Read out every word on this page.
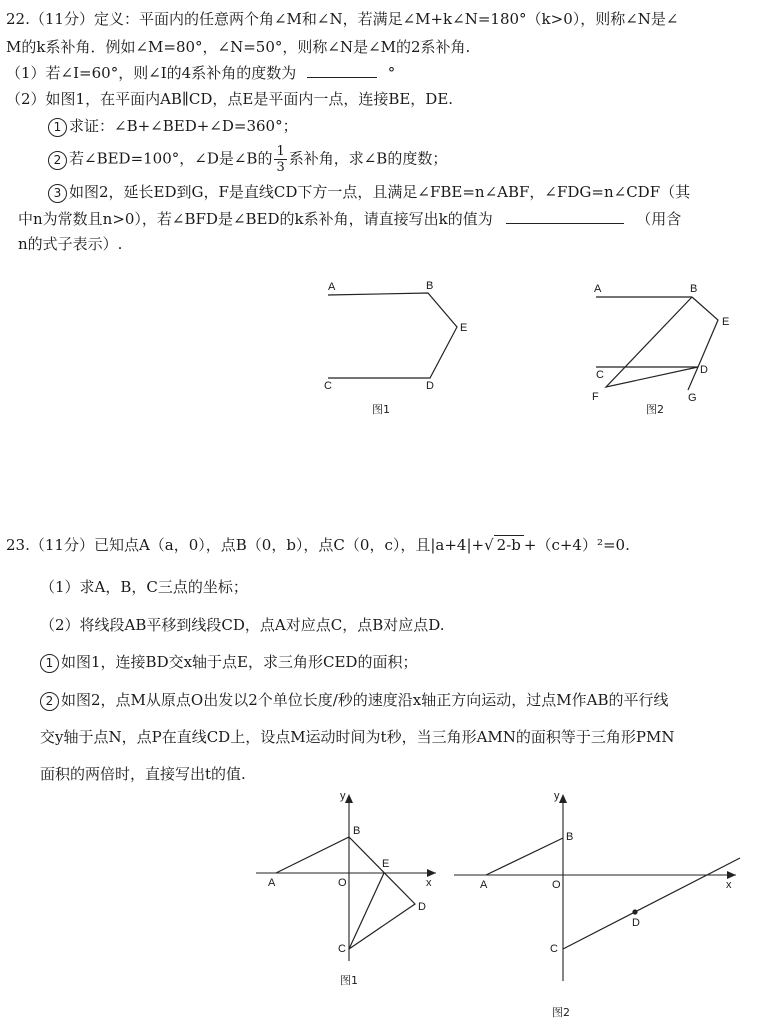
22.（11分）定义：平面内的任意两个角∠M和∠N，若满足∠M+k∠N=180°（k>0），则称∠N是∠
M的k系补角．例如∠M=80°，∠N=50°，则称∠N是∠M的2系补角.
（1）若∠I=60°，则∠I的4系补角的度数为	°
（2）如图1，在平面内AB∥CD，点E是平面内一点，连接BE，DE.
1 求证：∠B+∠BED+∠D=360°；
2 若∠BED=100°，∠D是∠B的 $\frac{1}{3}$ 系补角，求∠B的度数；
3 如图2，延长ED到G，F是直线CD下方一点，且满足∠FBE=n∠ABF，∠FDG=n∠CDF（其
中n为常数且n>0），若∠BFD是∠BED的k系补角，请直接写出k的值为	（用含
n的式子表示）.
A	B
E
C	D
图1
A	B
E
C	D
F	G
图2
23.（11分）已知点A（a，0），点B（0，b），点C（0，c），且|a+4|+√ 2-b +（c+4）²=0.
（1）求A，B，C三点的坐标；
（2）将线段AB平移到线段CD，点A对应点C，点B对应点D.
1 如图1，连接BD交x轴于点E，求三角形CED的面积；
2 如图2，点M从原点O出发以2个单位长度/秒的速度沿x轴正方向运动，过点M作AB的平行线
交y轴于点N，点P在直线CD上，设点M运动时间为t秒，当三角形AMN的面积等于三角形PMN
面积的两倍时，直接写出t的值.
y
x
A
B
O
E
C
D
图1
y
x
A
B
O
C
D
图2
